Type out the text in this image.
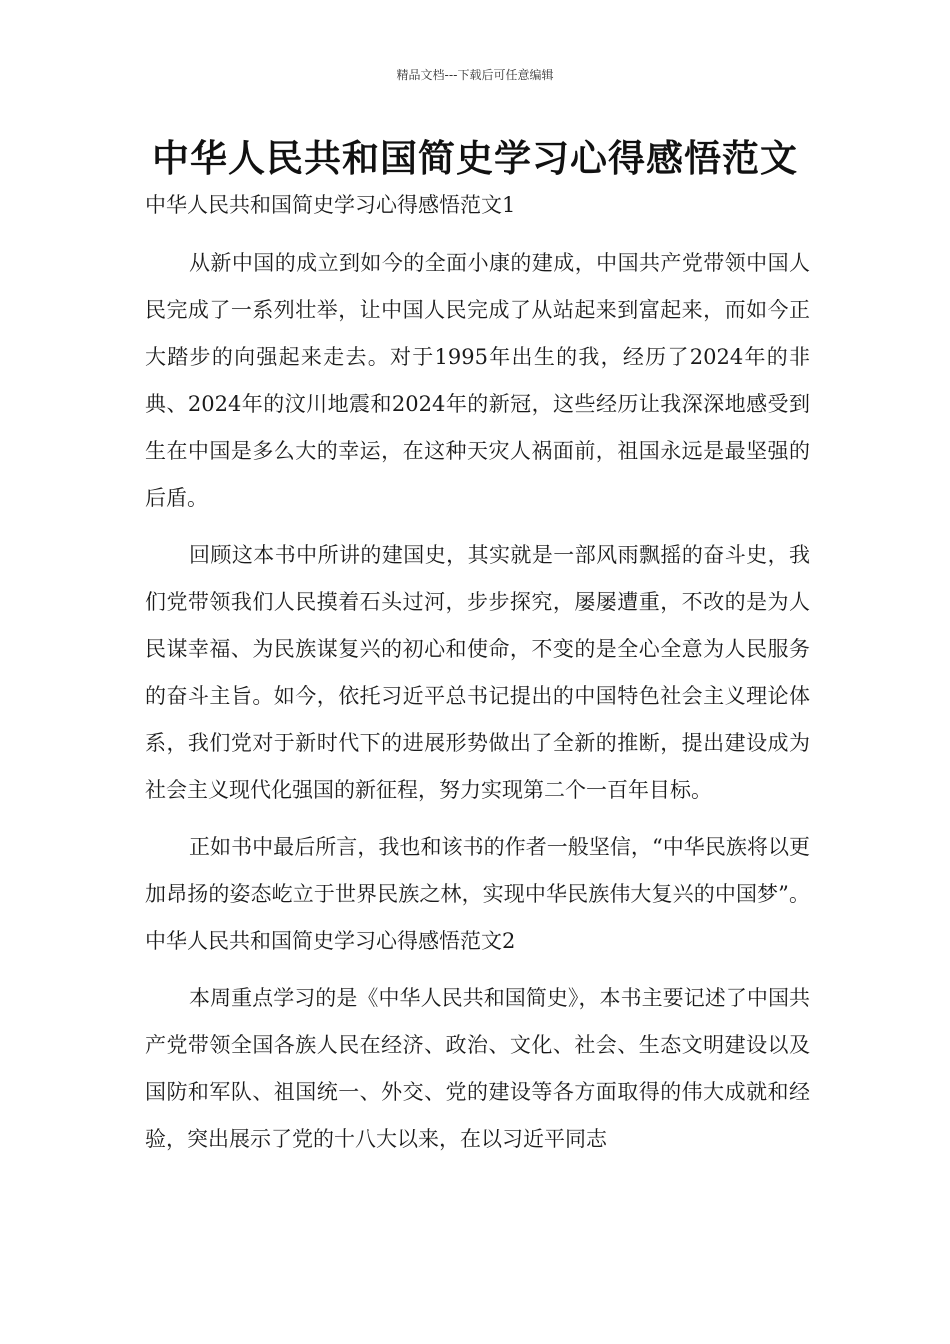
精品文档---下载后可任意编辑
中华人民共和国简史学习心得感悟范文

中华人民共和国简史学习心得感悟范文1

从新中国的成立到如今的全面小康的建成，中国共产党带领中国人民完成了一系列壮举，让中国人民完成了从站起来到富起来，而如今正大踏步的向强起来走去。对于1995年出生的我，经历了2024年的非典、2024年的汶川地震和2024年的新冠，这些经历让我深深地感受到生在中国是多么大的幸运，在这种天灾人祸面前，祖国永远是最坚强的后盾。

回顾这本书中所讲的建国史，其实就是一部风雨飘摇的奋斗史，我们党带领我们人民摸着石头过河，步步探究，屡屡遭重，不改的是为人民谋幸福、为民族谋复兴的初心和使命，不变的是全心全意为人民服务的奋斗主旨。如今，依托习近平总书记提出的中国特色社会主义理论体系，我们党对于新时代下的进展形势做出了全新的推断，提出建设成为社会主义现代化强国的新征程，努力实现第二个一百年目标。

正如书中最后所言，我也和该书的作者一般坚信，“中华民族将以更加昂扬的姿态屹立于世界民族之林，实现中华民族伟大复兴的中国梦”。中华人民共和国简史学习心得感悟范文2

本周重点学习的是《中华人民共和国简史》，本书主要记述了中国共产党带领全国各族人民在经济、政治、文化、社会、生态文明建设以及国防和军队、祖国统一、外交、党的建设等各方面取得的伟大成就和经验，突出展示了党的十八大以来，在以习近平同志
